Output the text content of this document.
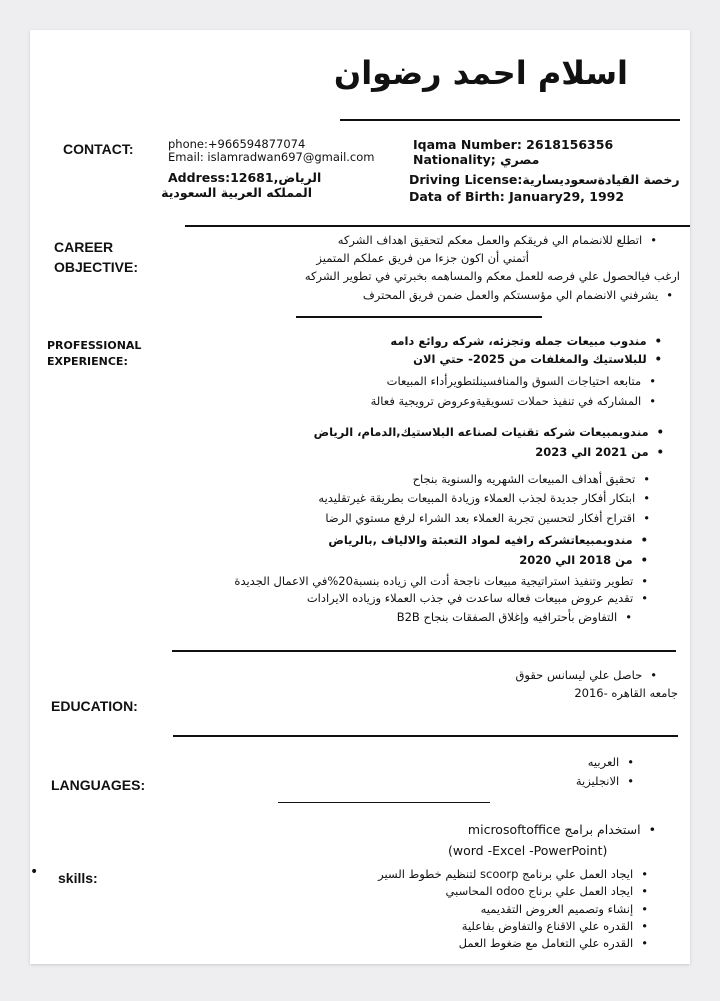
اسلام احمد رضوان
CONTACT:	phone:+966594877074
Email: islamradwan697@gmail.com
Address:12681,الرياض
المملكه العربية السعودية
Iqama Number: 2618156356
Nationality; مصري
Driving License:رخصة القيادةسعوديسارية
Data of Birth: January29, 1992
CAREER
OBJECTIVE:
• اتطلع للانضمام الي فريقكم والعمل معكم لتحقيق اهداف الشركه
أتمني أن اكون جزءا من فريق عملكم المتميز
ارغب فيالحصول علي فرصه للعمل معكم والمساهمه بخبرتي في تطوير الشركه
• يشرفني الانضمام الي مؤسستكم والعمل ضمن فريق المحترف
PROFESSIONAL
EXPERIENCE:
• مندوب مبيعات جمله وتجزئه، شركه روائع دامه
• للبلاستيك والمغلفات من 2025- حتي الان
• متابعه احتياجات السوق والمنافسينلتطويرأداء المبيعات
• المشاركه في تنفيذ حملات تسويقيةوعروض ترويجية فعالة
• مندوبمبيعات شركه تقنيات لصناعه البلاستيك,الدمام، الرياض
• من 2021 الي 2023
• تحقيق أهداف المبيعات الشهريه والسنوية بنجاح
• ابتكار أفكار جديدة لجذب العملاء وزيادة المبيعات بطريقة غيرتقليديه
• اقتراح أفكار لتحسين تجربة العملاء بعد الشراء لرفع مستوي الرضا
• مندوبمبيعاتشركه رافيه لمواد التعبئة والالياف ,بالرياض
• من 2018 الي 2020
• تطوير وتنفيذ استراتيجية مبيعات ناجحة أدت الي زياده بنسبة20%في الاعمال الجديدة
• تقديم عروض مبيعات فعاله ساعدت في جذب العملاء وزياده الايرادات
• التفاوض بأحترافيه وإغلاق الصفقات بنجاح B2B
EDUCATION:
• حاصل علي ليسانس حقوق
جامعه القاهره -2016
LANGUAGES:
• العربيه
• الانجليزية
• skills:
• استخدام برامج microsoftoffice
(word -Excel -PowerPoint)
• ايجاد العمل علي برنامج scoorp لتنظيم خطوط السير
• ايجاد العمل علي برناج odoo المحاسبي
• إنشاء وتصميم العروض التقديميه
• القدره علي الاقناع والتفاوض بفاعلية
• القدره علي التعامل مع ضغوط العمل
